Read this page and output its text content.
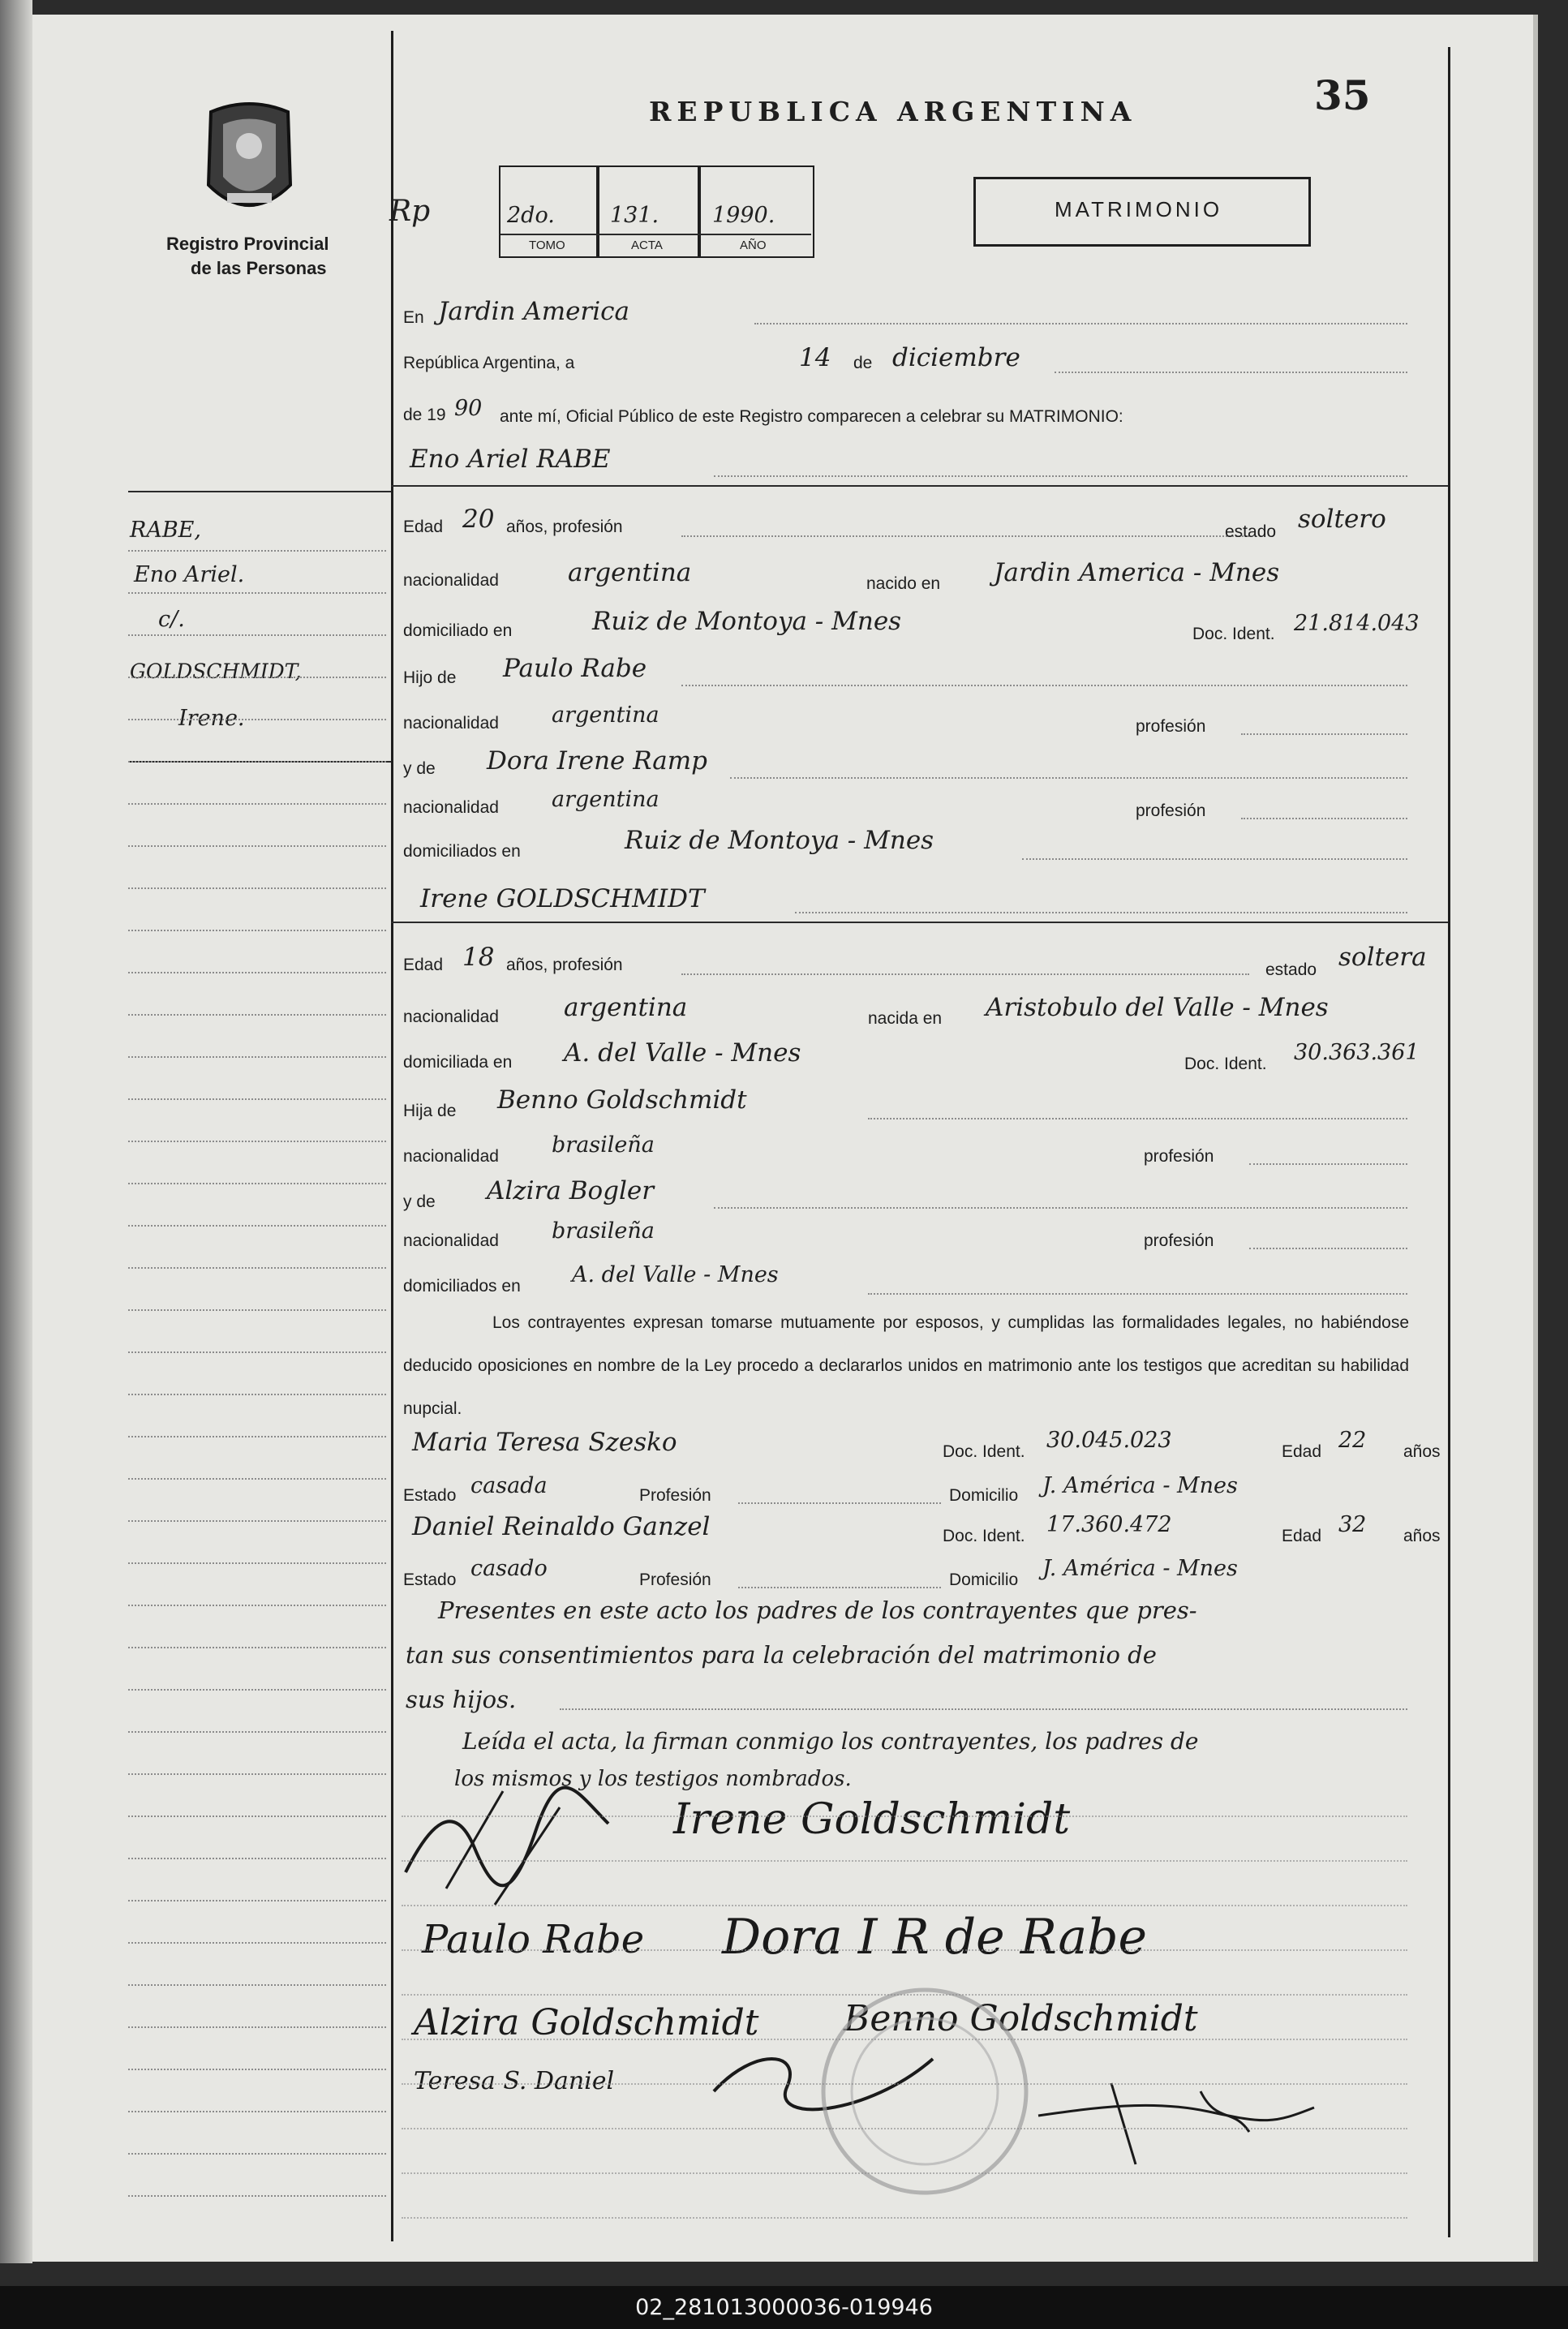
Registro Provincial
de las Personas
REPUBLICA ARGENTINA	35
Rp	2do.	131. 1990.
TOMO	ACTA	AÑO
MATRIMONIO
En Jardin America
República Argentina, a	14 de diciembre
de 19 90 ante mí, Oficial Público de este Registro comparecen a celebrar su MATRIMONIO:
Eno Ariel RABE
Edad 20 años, profesión	estado soltero
nacionalidad	argentina	nacido en Jardin America - Mnes
domiciliado en	Ruiz de Montoya - Mnes	Doc. Ident. 21.814.043
Hijo de Paulo Rabe
nacionalidad argentina	profesión
y de Dora Irene Ramp
nacionalidad argentina	profesión
domiciliados en	Ruiz de Montoya - Mnes
Irene GOLDSCHMIDT
Edad 18 años, profesión	estado soltera
nacionalidad	argentina	nacida en Aristobulo del Valle - Mnes
domiciliada en A. del Valle - Mnes	Doc. Ident. 30.363.361
Hija de Benno Goldschmidt
nacionalidad brasileña	profesión
y de Alzira Bogler
nacionalidad brasileña	profesión
domiciliados en A. del Valle - Mnes
Los contrayentes expresan tomarse mutuamente por esposos, y cumplidas las formalidades legales, no habiéndose deducido oposiciones en nombre de la Ley procedo a declararlos unidos en matrimonio ante los testigos que acreditan su habilidad nupcial.
Maria Teresa Szesko	Doc. Ident. 30.045.023	Edad 22 años
Estado casada	Profesión	Domicilio J. América - Mnes
Daniel Reinaldo Ganzel	Doc. Ident. 17.360.472	Edad 32 años
Estado casado	Profesión	Domicilio J. América - Mnes
Presentes en este acto los padres de los contrayentes que pres-
tan sus consentimientos para la celebración del matrimonio de
sus hijos.
Leída el acta, la firman conmigo los contrayentes, los padres de
los mismos y los testigos nombrados.
Irene Goldschmidt
Paulo Rabe Dora I R de Rabe
Alzira Goldschmidt Benno Goldschmidt
Teresa S. Daniel
RABE,
Eno Ariel.
c/.
GOLDSCHMIDT,
Irene.
02_281013000036-019946
